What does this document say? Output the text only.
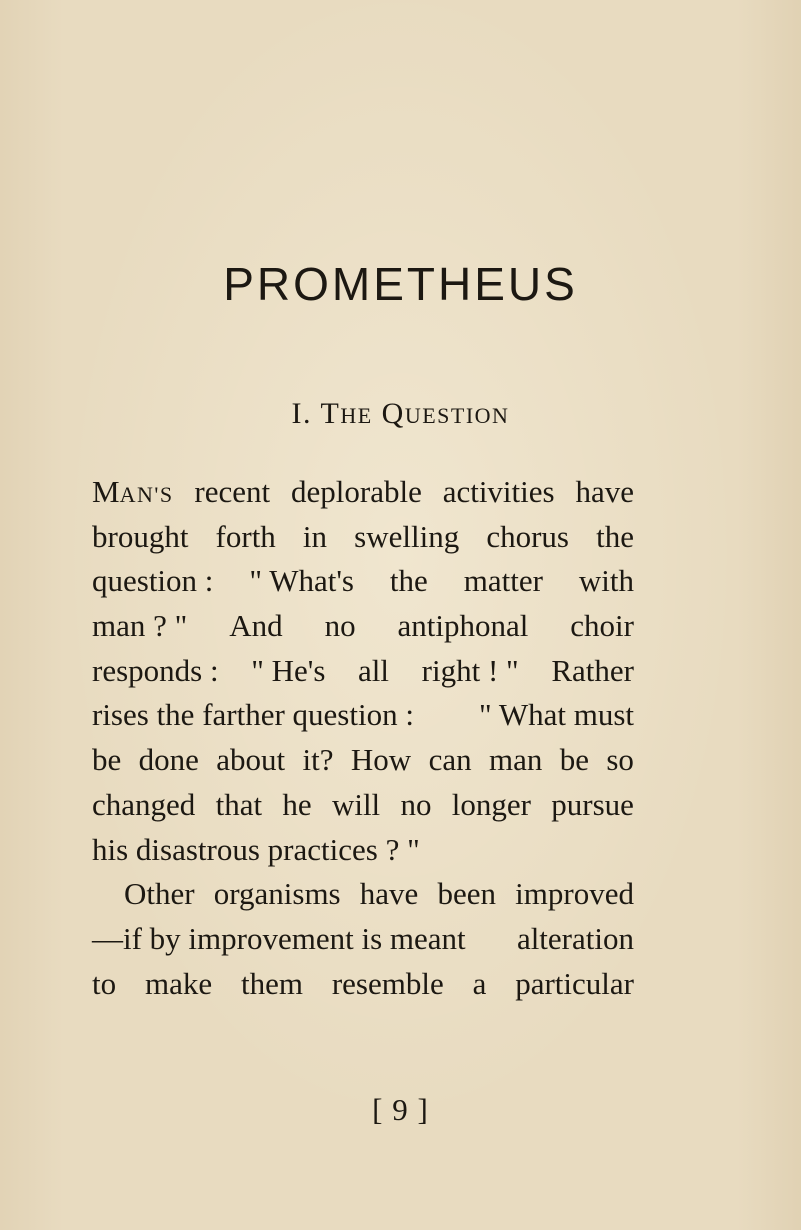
PROMETHEUS
I. THE QUESTION
MAN'S recent deplorable activities have
brought forth in swelling chorus the
question : " What's the matter with
man ? " And no antiphonal choir
responds : " He's all right ! " Rather
rises the farther question : " What must
be done about it? How can man be so
changed that he will no longer pursue
his disastrous practices ? "
Other organisms have been improved
—if by improvement is meant alteration
to make them resemble a particular
[ 9 ]
